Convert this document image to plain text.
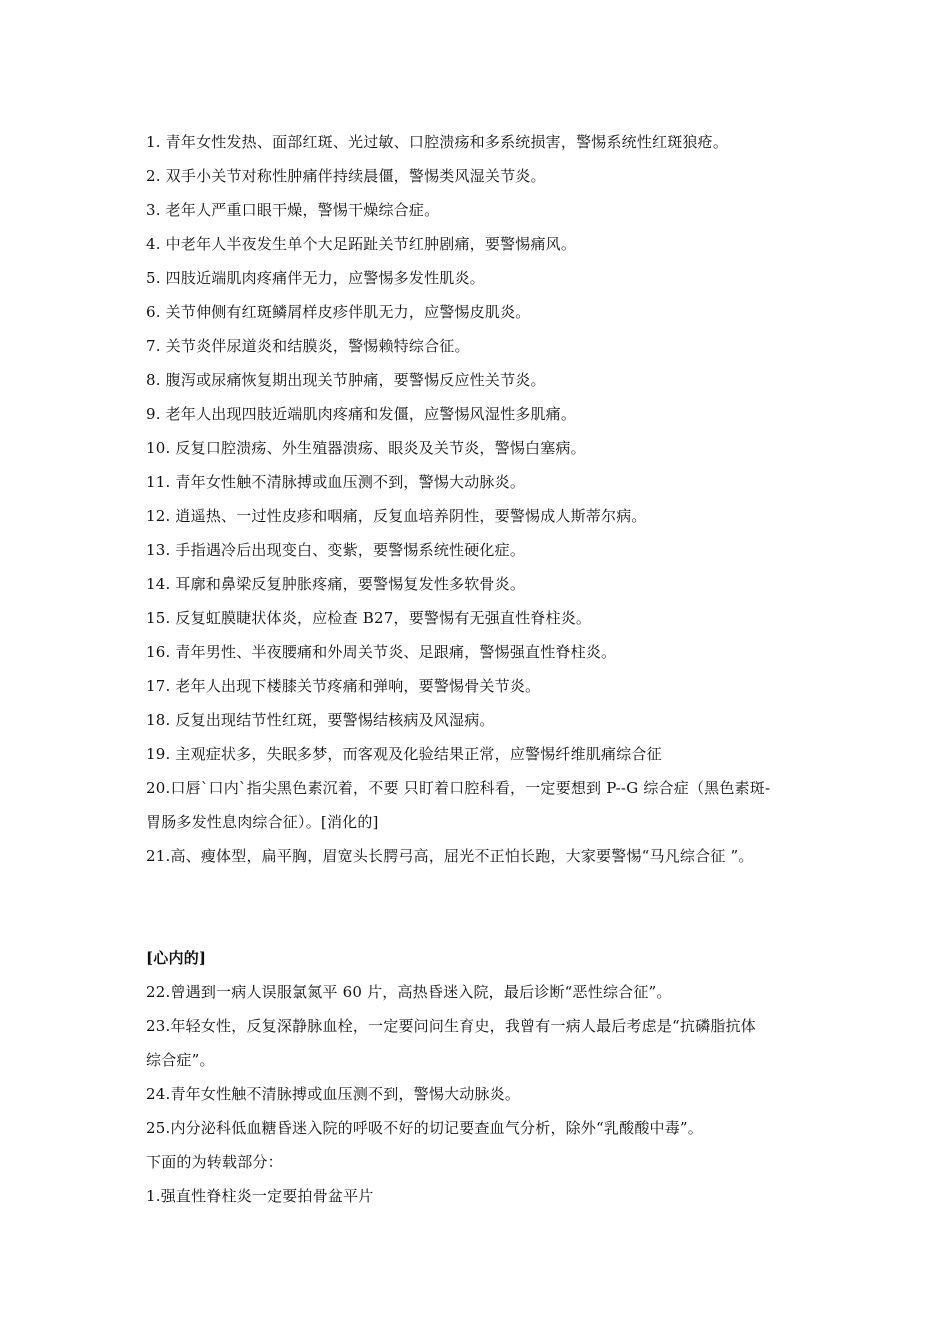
1. 青年女性发热、面部红斑、光过敏、口腔溃疡和多系统损害，警惕系统性红斑狼疮。
2. 双手小关节对称性肿痛伴持续晨僵，警惕类风湿关节炎。
3. 老年人严重口眼干燥，警惕干燥综合症。
4. 中老年人半夜发生单个大足跖趾关节红肿剧痛，要警惕痛风。
5. 四肢近端肌肉疼痛伴无力，应警惕多发性肌炎。
6. 关节伸侧有红斑鳞屑样皮疹伴肌无力，应警惕皮肌炎。
7. 关节炎伴尿道炎和结膜炎，警惕赖特综合征。
8. 腹泻或尿痛恢复期出现关节肿痛，要警惕反应性关节炎。
9. 老年人出现四肢近端肌肉疼痛和发僵，应警惕风湿性多肌痛。
10. 反复口腔溃疡、外生殖器溃疡、眼炎及关节炎，警惕白塞病。
11. 青年女性触不清脉搏或血压测不到，警惕大动脉炎。
12. 逍遥热、一过性皮疹和咽痛，反复血培养阴性，要警惕成人斯蒂尔病。
13. 手指遇冷后出现变白、变紫，要警惕系统性硬化症。
14. 耳廓和鼻梁反复肿胀疼痛，要警惕复发性多软骨炎。
15. 反复虹膜睫状体炎，应检查 B27，要警惕有无强直性脊柱炎。
16. 青年男性、半夜腰痛和外周关节炎、足跟痛，警惕强直性脊柱炎。
17. 老年人出现下楼膝关节疼痛和弹响，要警惕骨关节炎。
18. 反复出现结节性红斑，要警惕结核病及风湿病。
19. 主观症状多，失眠多梦，而客观及化验结果正常，应警惕纤维肌痛综合征
20.口唇`口内`指尖黑色素沉着，不要 只盯着口腔科看，一定要想到 P--G 综合症（黑色素斑-
胃肠多发性息肉综合征）。[消化的]
21.高、瘦体型，扁平胸，眉宽头长腭弓高，屈光不正怕长跑，大家要警惕“马凡综合征 ”。
[心内的]
22.曾遇到一病人误服氯氮平 60 片，高热昏迷入院，最后诊断“恶性综合征”。
23.年轻女性，反复深静脉血栓，一定要问问生育史，我曾有一病人最后考虑是“抗磷脂抗体
综合症”。
24.青年女性触不清脉搏或血压测不到，警惕大动脉炎。
25.内分泌科低血糖昏迷入院的呼吸不好的切记要查血气分析，除外“乳酸酸中毒”。
下面的为转载部分：
1.强直性脊柱炎一定要拍骨盆平片
